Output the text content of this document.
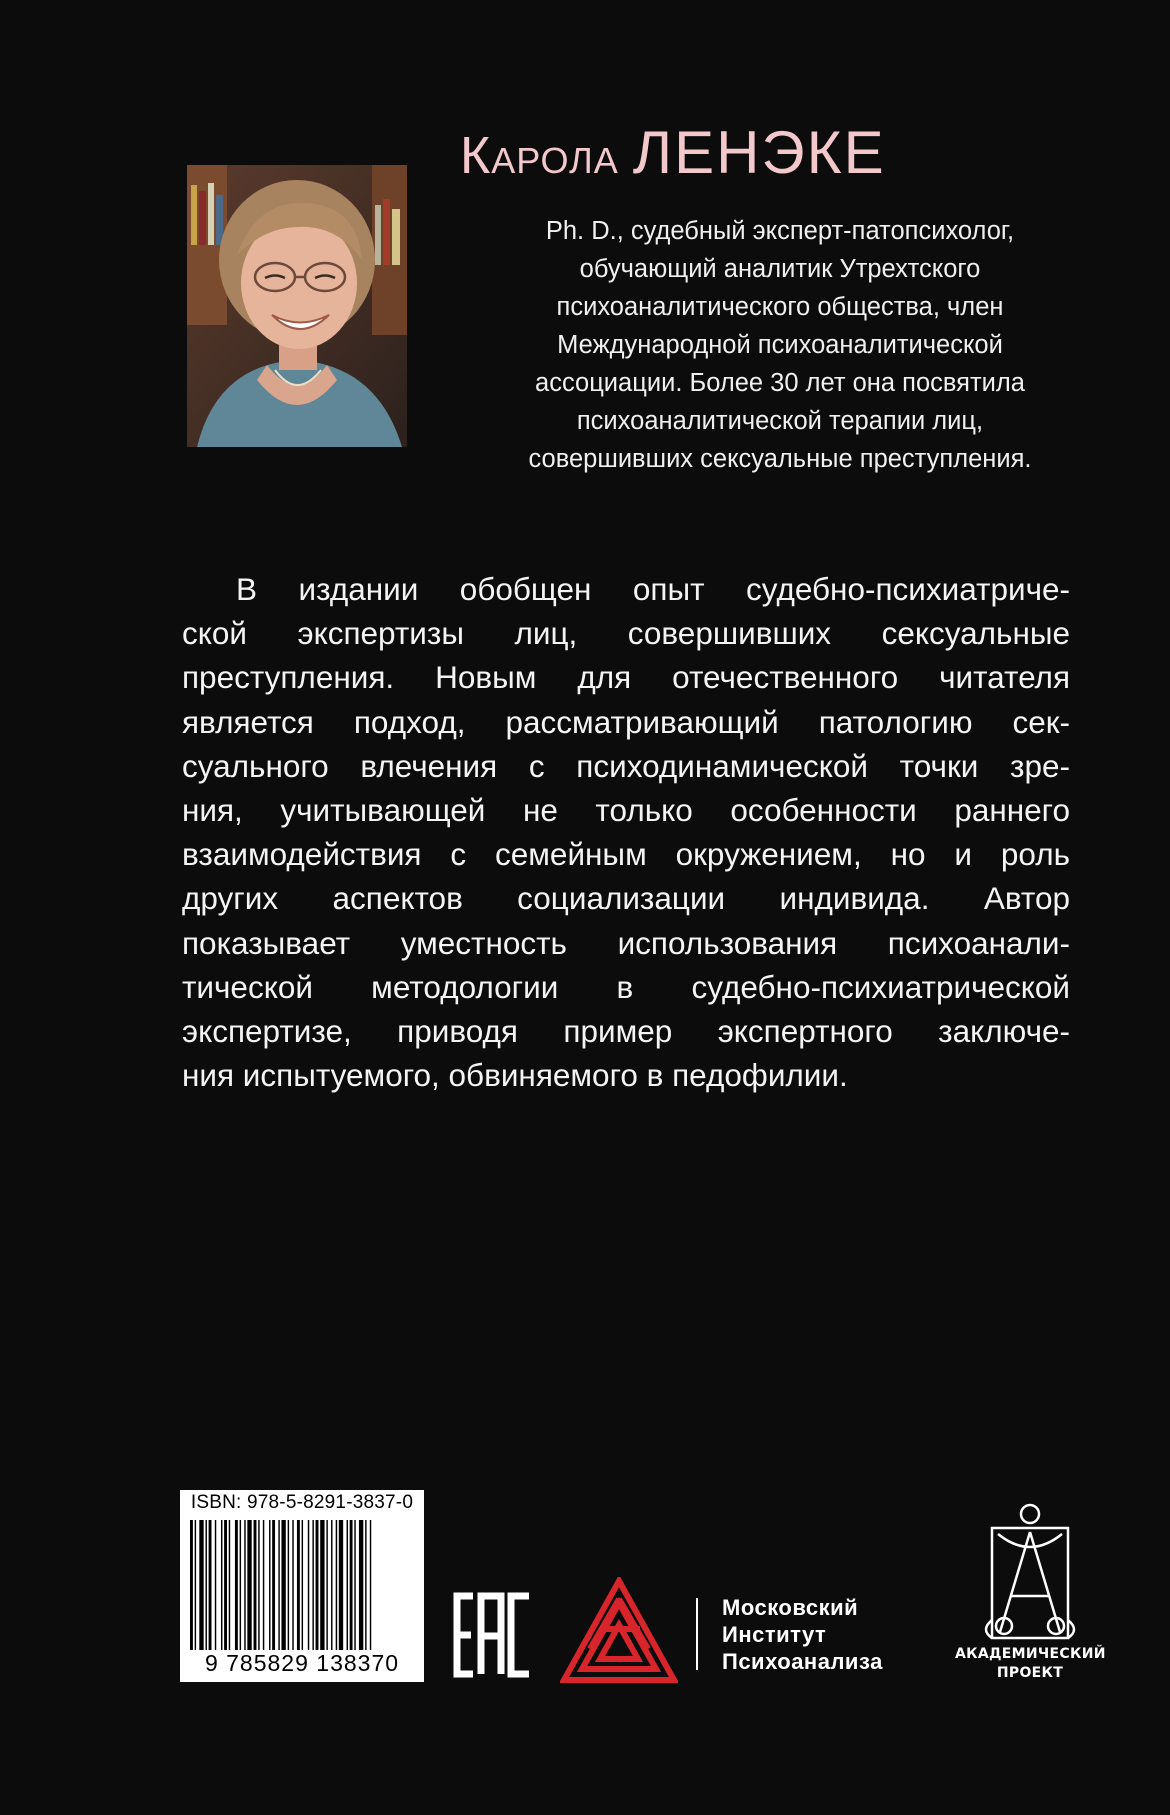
Карола ЛЕНЭКЕ
Ph. D., судебный эксперт-патопсихолог,
обучающий аналитик Утрехтского
психоаналитического общества, член
Международной психоаналитической
ассоциации. Более 30 лет она посвятила
психоаналитической терапии лиц,
совершивших сексуальные преступления.
В издании обобщен опыт судебно-психиатриче-
ской экспертизы лиц, совершивших сексуальные
преступления. Новым для отечественного читателя
является подход, рассматривающий патологию сек-
суального влечения с психодинамической точки зре-
ния, учитывающей не только особенности раннего
взаимодействия с семейным окружением, но и роль
других аспектов социализации индивида. Автор
показывает уместность использования психоанали-
тической методологии в судебно-психиатрической
экспертизе, приводя пример экспертного заключе-
ния испытуемого, обвиняемого в педофилии.
ISBN: 978-5-8291-3837-0
9 785829 138370
Московский
Институт
Психоанализа	АКАДЕМИЧЕСКИЙ
ПРОЕКТ
